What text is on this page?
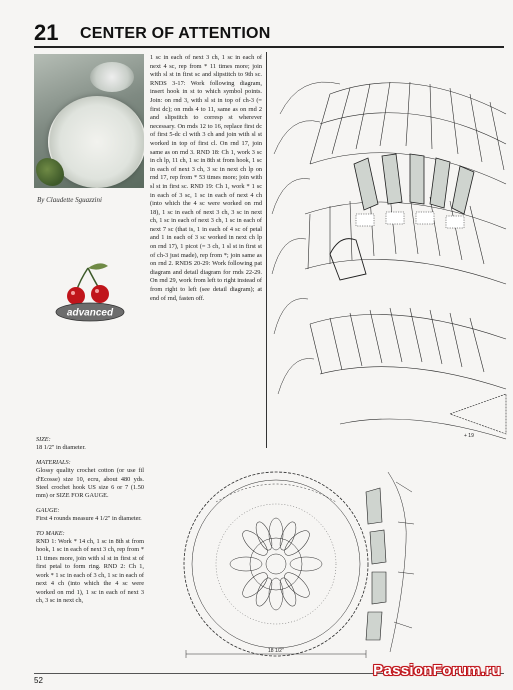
21 CENTER OF ATTENTION
By Claudette Sguazzini
advanced
1 sc in each of next 3 ch, 1 sc in each of next 4 sc, rep from * 11 times more; join with sl st in first sc and slipstitch to 9th sc. RNDS 3-17: Work following diagram, insert hook in st to which symbol points. Join: on rnd 3, with sl st in top of ch-3 (= first dc); on rnds 4 to 11, same as on rnd 2 and slipstitch to corresp st wherever necessary. On rnds 12 to 16, replace first dc of first 5-dc cl with 3 ch and join with sl st worked in top of first cl. On rnd 17, join same as on rnd 3. RND 18: Ch 1, work 3 sc in ch lp, 11 ch, 1 sc in 8th st from hook, 1 sc in each of next 3 ch, 3 sc in next ch lp on rnd 17, rep from * 53 times more; join with sl st in first sc. RND 19: Ch 1, work * 1 sc in each of 3 sc, 1 sc in each of next 4 ch (into which the 4 sc were worked on rnd 18), 1 sc in each of next 3 ch, 3 sc in next ch, 1 sc in each of next 3 ch, 1 sc in each of next 7 sc (that is, 1 in each of 4 sc of petal and 1 in each of 3 sc worked in next ch lp on rnd 17), 1 picot (= 3 ch, 1 sl st in first st of ch-3 just made), rep from *; join same as on rnd 2. RNDS 20-29: Work following pat diagram and detail diagram for rnds 22-29. On rnd 29, work from left to right instead of from right to left (see detail diagram); at end of rnd, fasten off.
SIZE:

18 1/2" in diameter.

MATERIALS:

Glossy quality crochet cotton (or use fil d'Ecosse) size 10, ecru, about 480 yds. Steel crochet hook US size 6 or 7 (1.50 mm) or SIZE FOR GAUGE.

GAUGE:

First 4 rounds measure 4 1/2" in diameter.

TO MAKE:

RND 1: Work * 14 ch, 1 sc in 8th st from hook, 1 sc in each of next 3 ch, rep from * 11 times more, join with sl st in first st of first petal to form ring. RND 2: Ch 1, work * 1 sc in each of 3 ch, 1 sc in each of next 4 ch (into which the 4 sc were worked on rnd 1), 1 sc in each of next 3 ch, 3 sc in next ch,

+ 19
18 1/2"
52
PassionForum.ru
